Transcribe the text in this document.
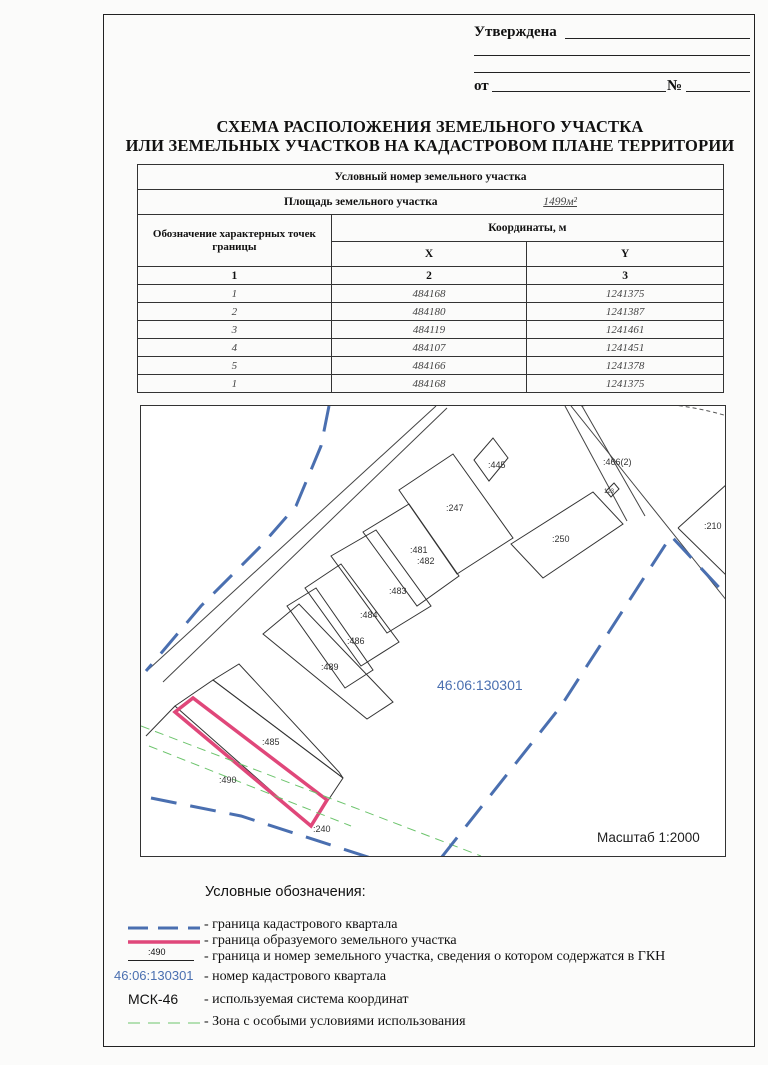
Утверждена
от	№
СХЕМА РАСПОЛОЖЕНИЯ ЗЕМЕЛЬНОГО УЧАСТКА
ИЛИ ЗЕМЕЛЬНЫХ УЧАСТКОВ НА КАДАСТРОВОМ ПЛАНЕ ТЕРРИТОРИИ
Условный номер земельного участка		
Площадь земельного участка 1499м²		
Обозначение характерных точек границы	Координаты, м	
	X	Y
1	2	3
1	484168	1241375
2	484180	1241387
3	484119	1241461
4	484107	1241451
5	484166	1241378
1	484168	1241375
:445	:466(2)
:247
:481
:482
:483
:484
:486
:489
:250
:210
:485
:490
:240
123
46:06:130301
Масштаб 1:2000
Условные обозначения:
- граница кадастрового квартала
- граница образуемого земельного участка
:490	- граница и номер земельного участка, сведения о котором содержатся в ГКН
46:06:130301 - номер кадастрового квартала
МСК-46 - используемая система координат
- Зона с особыми условиями использования
